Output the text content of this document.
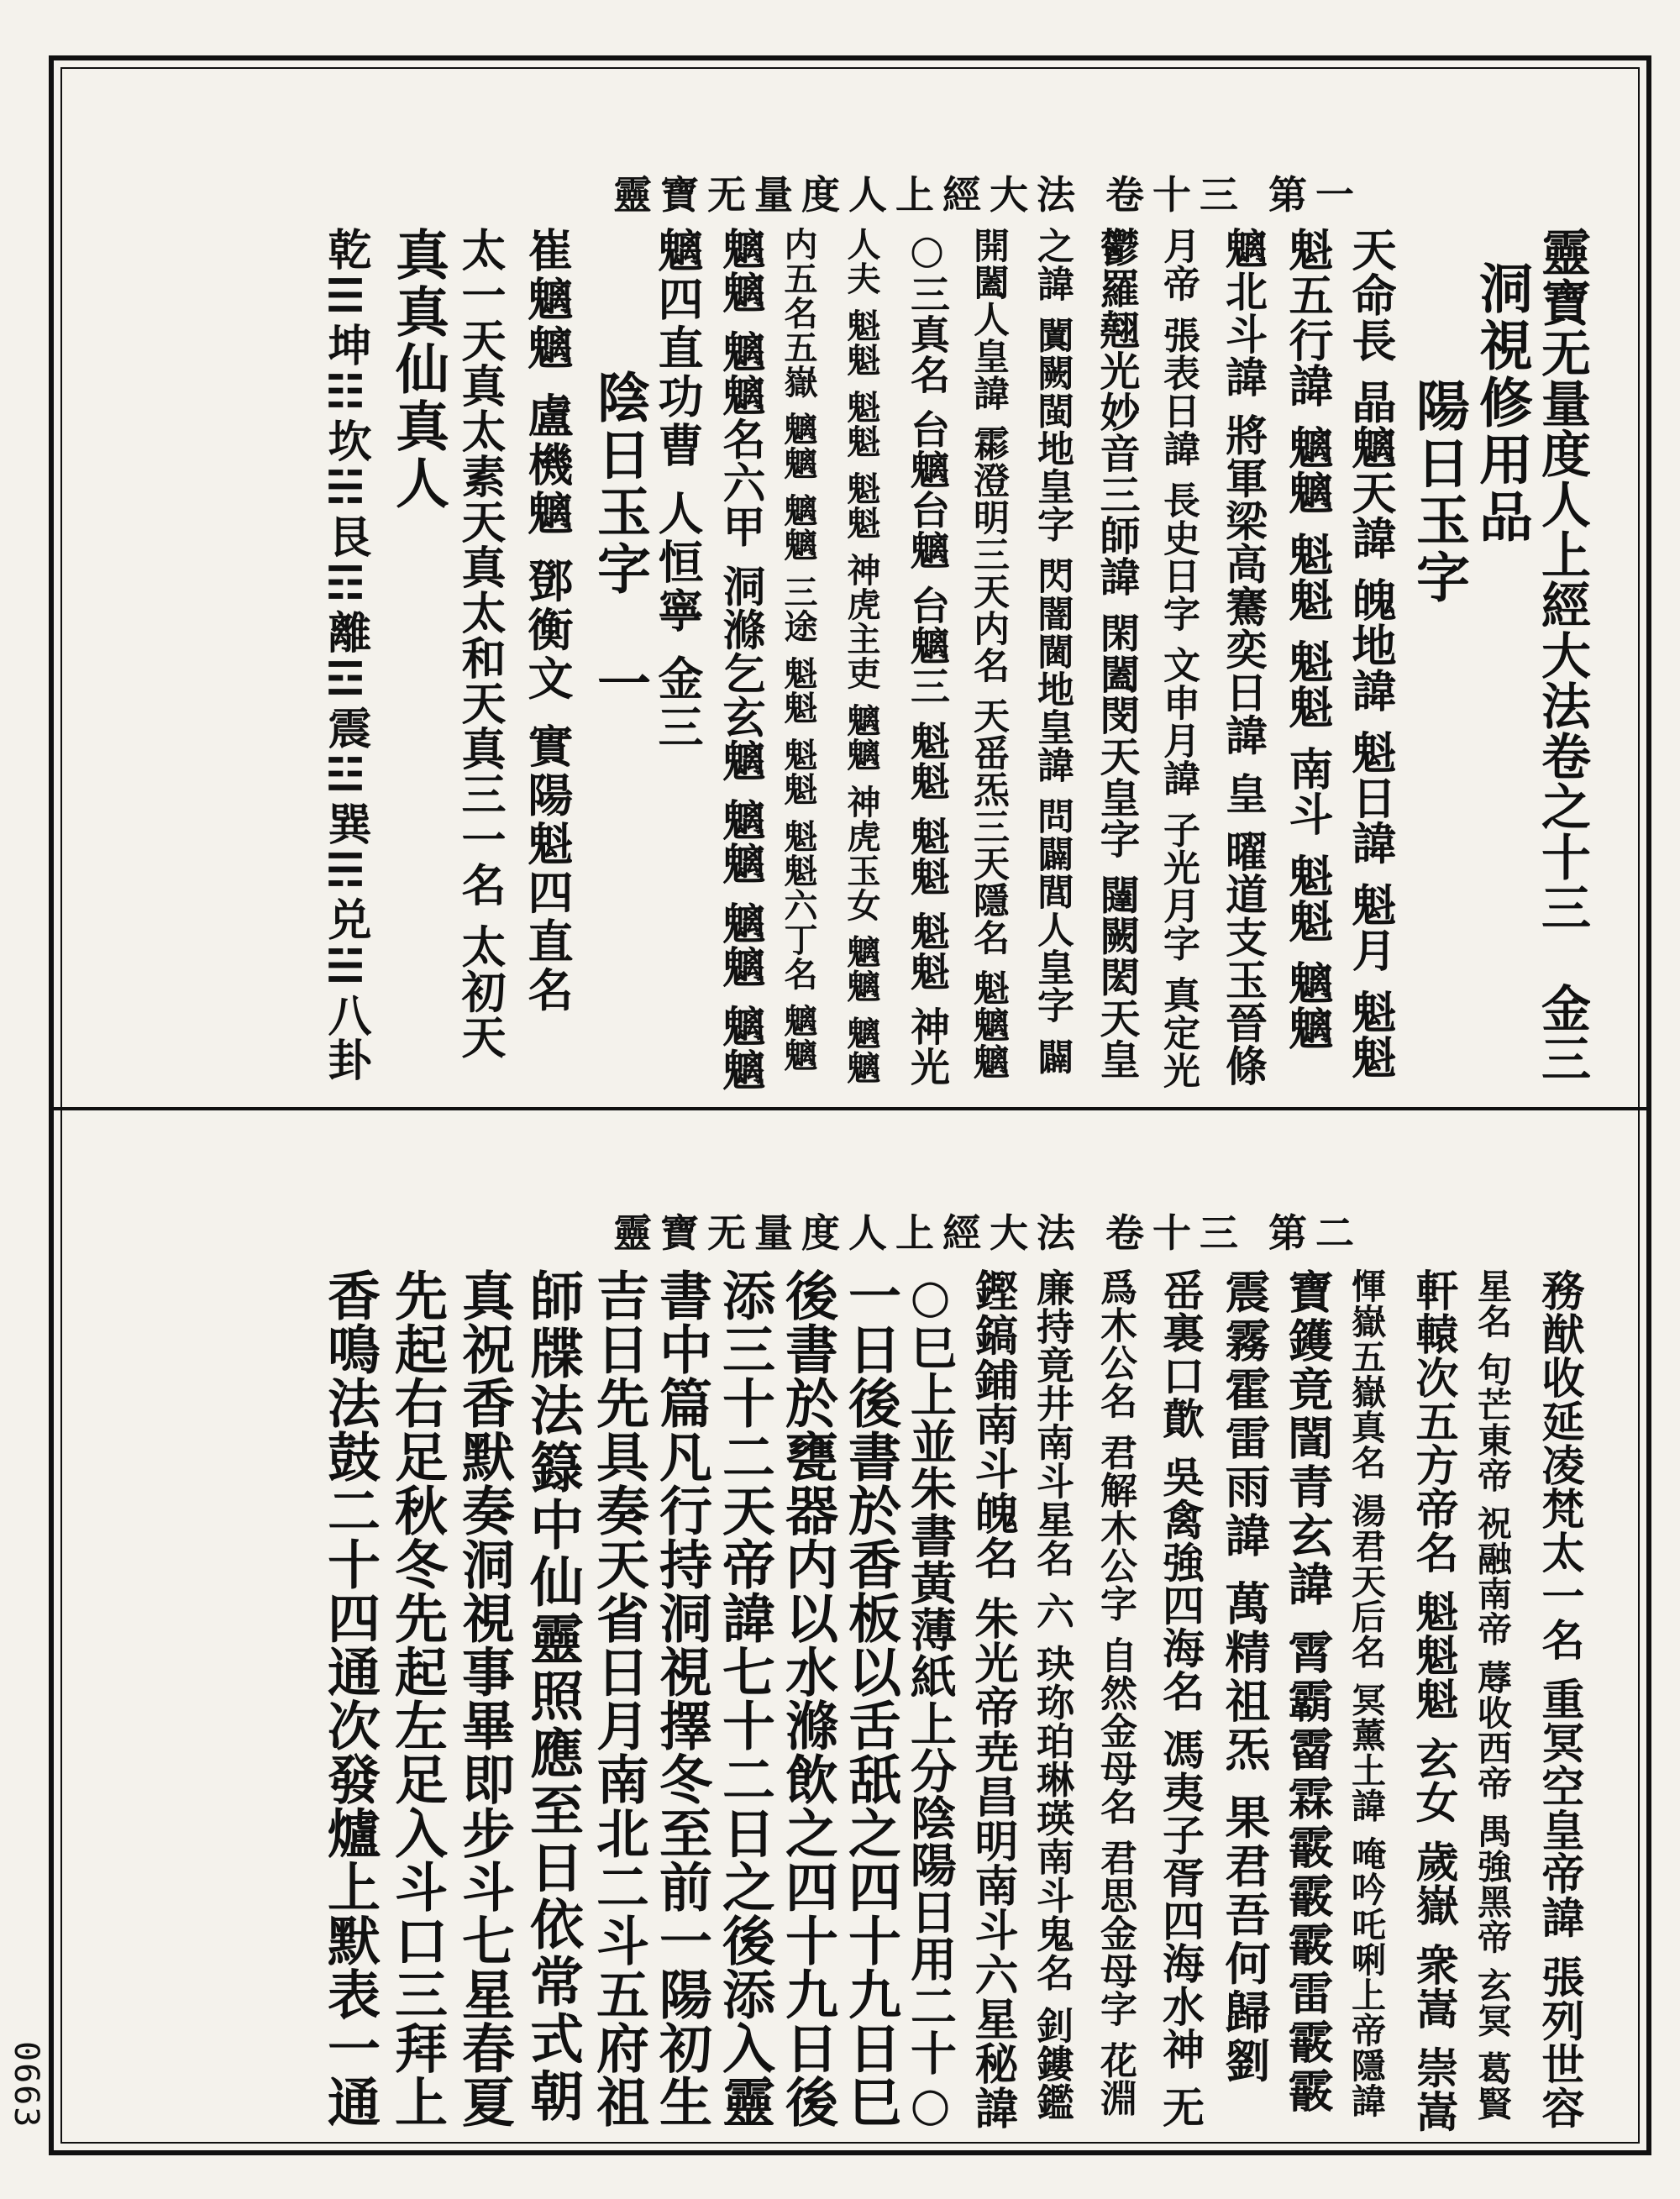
靈寶无量度人上經大法 卷十三 第一
靈寶无量度人上經大法 卷十三 第二
靈寶无量度人上經大法卷之十三　金三
洞視修用品
陽日玉字
天命長 晶魑天諱 魄地諱 魁日諱 魁月 魁魁
魁五行諱 魑魑 魁魁 魁魁 南斗 魁魁 魑魑
魑北斗諱 將軍梁高騫奕日諱 皇 曜道支玉晉條
月帝 張表日諱 長史日字 文申月諱 子光月字 真定光
鬱羅翹光妙音三師諱 閑闔閔天皇字 闥闕閎天皇
之諱 闐闕閩地皇字 閃闇閫地皇諱 問闢閭人皇字 闢
開闔人皇諱 霦澄明三天内名 天䍃炁三天隱名 魁魑魑
○三真名 台魑台魑 台魑三 魁魁 魁魁 魁魁 神光
人夫 魁魁 魁魁 魁魁 神虎主吏 魑魑 神虎玉女 魑魑 魑魑
内五名五嶽 魑魑 魑魑 三途 魁魁 魁魁 魁魁六丁名 魑魑
魑魑 魑魑名六甲 洞滌乞玄魑 魑魑 魑魑 魑魑
魑四直功曹 人恒寧 金三
陰日玉字　一
崔魑魑 盧機魑 鄧衡文 實陽魁四直名
太一天真太素天真太和天真三一名 太初天
真真仙真人
乾☰坤☷坎☵艮☶離☲震☳巽☴兑☱八卦
務猷收延凌梵太一名 重冥空皇帝諱 張列世容
星名 句芒東帝 祝融南帝 蓐收西帝 禺強黑帝 玄冥 葛賢
軒轅次五方帝名 魁魁魁 玄女 歲嶽 衆嵩 崇嵩
惲嶽五嶽真名 湯君天后名 冥薰土諱 唵吟吒唎上帝隱諱
寶鑊竟誾青玄諱 霄霸霤霖霰霰霰雷霰霰
震霧霍雷雨諱 萬精祖炁 果君吾何歸劉
䍃裏口歕 吳禽強四海名 馮夷子胥四海水神 无
爲木公名 君解木公字 自然金母名 君思金母字 花淵
廉持竟井南斗星名 六 玦珎珀琳瑛南斗鬼名 釗鏤鑑
鏗鎬鋪南斗魄名 朱光帝尭昌明南斗六星秘諱
○巳上並朱書黃薄紙上分陰陽日用二十○
一日後書於香板以舌舐之四十九日巳
後書於甕器内以水滌飲之四十九日後
添三十二天帝諱七十二日之後添入靈
書中篇凡行持洞視擇冬至前一陽初生
吉日先具奏天省日月南北二斗五府祖
師牒法籙中仙靈照應至日依常式朝
真祝香默奏洞視事畢即步斗七星春夏
先起右足秋冬先起左足入斗口三拜上
香鳴法鼓二十四通次發爐上默表一通
0663
